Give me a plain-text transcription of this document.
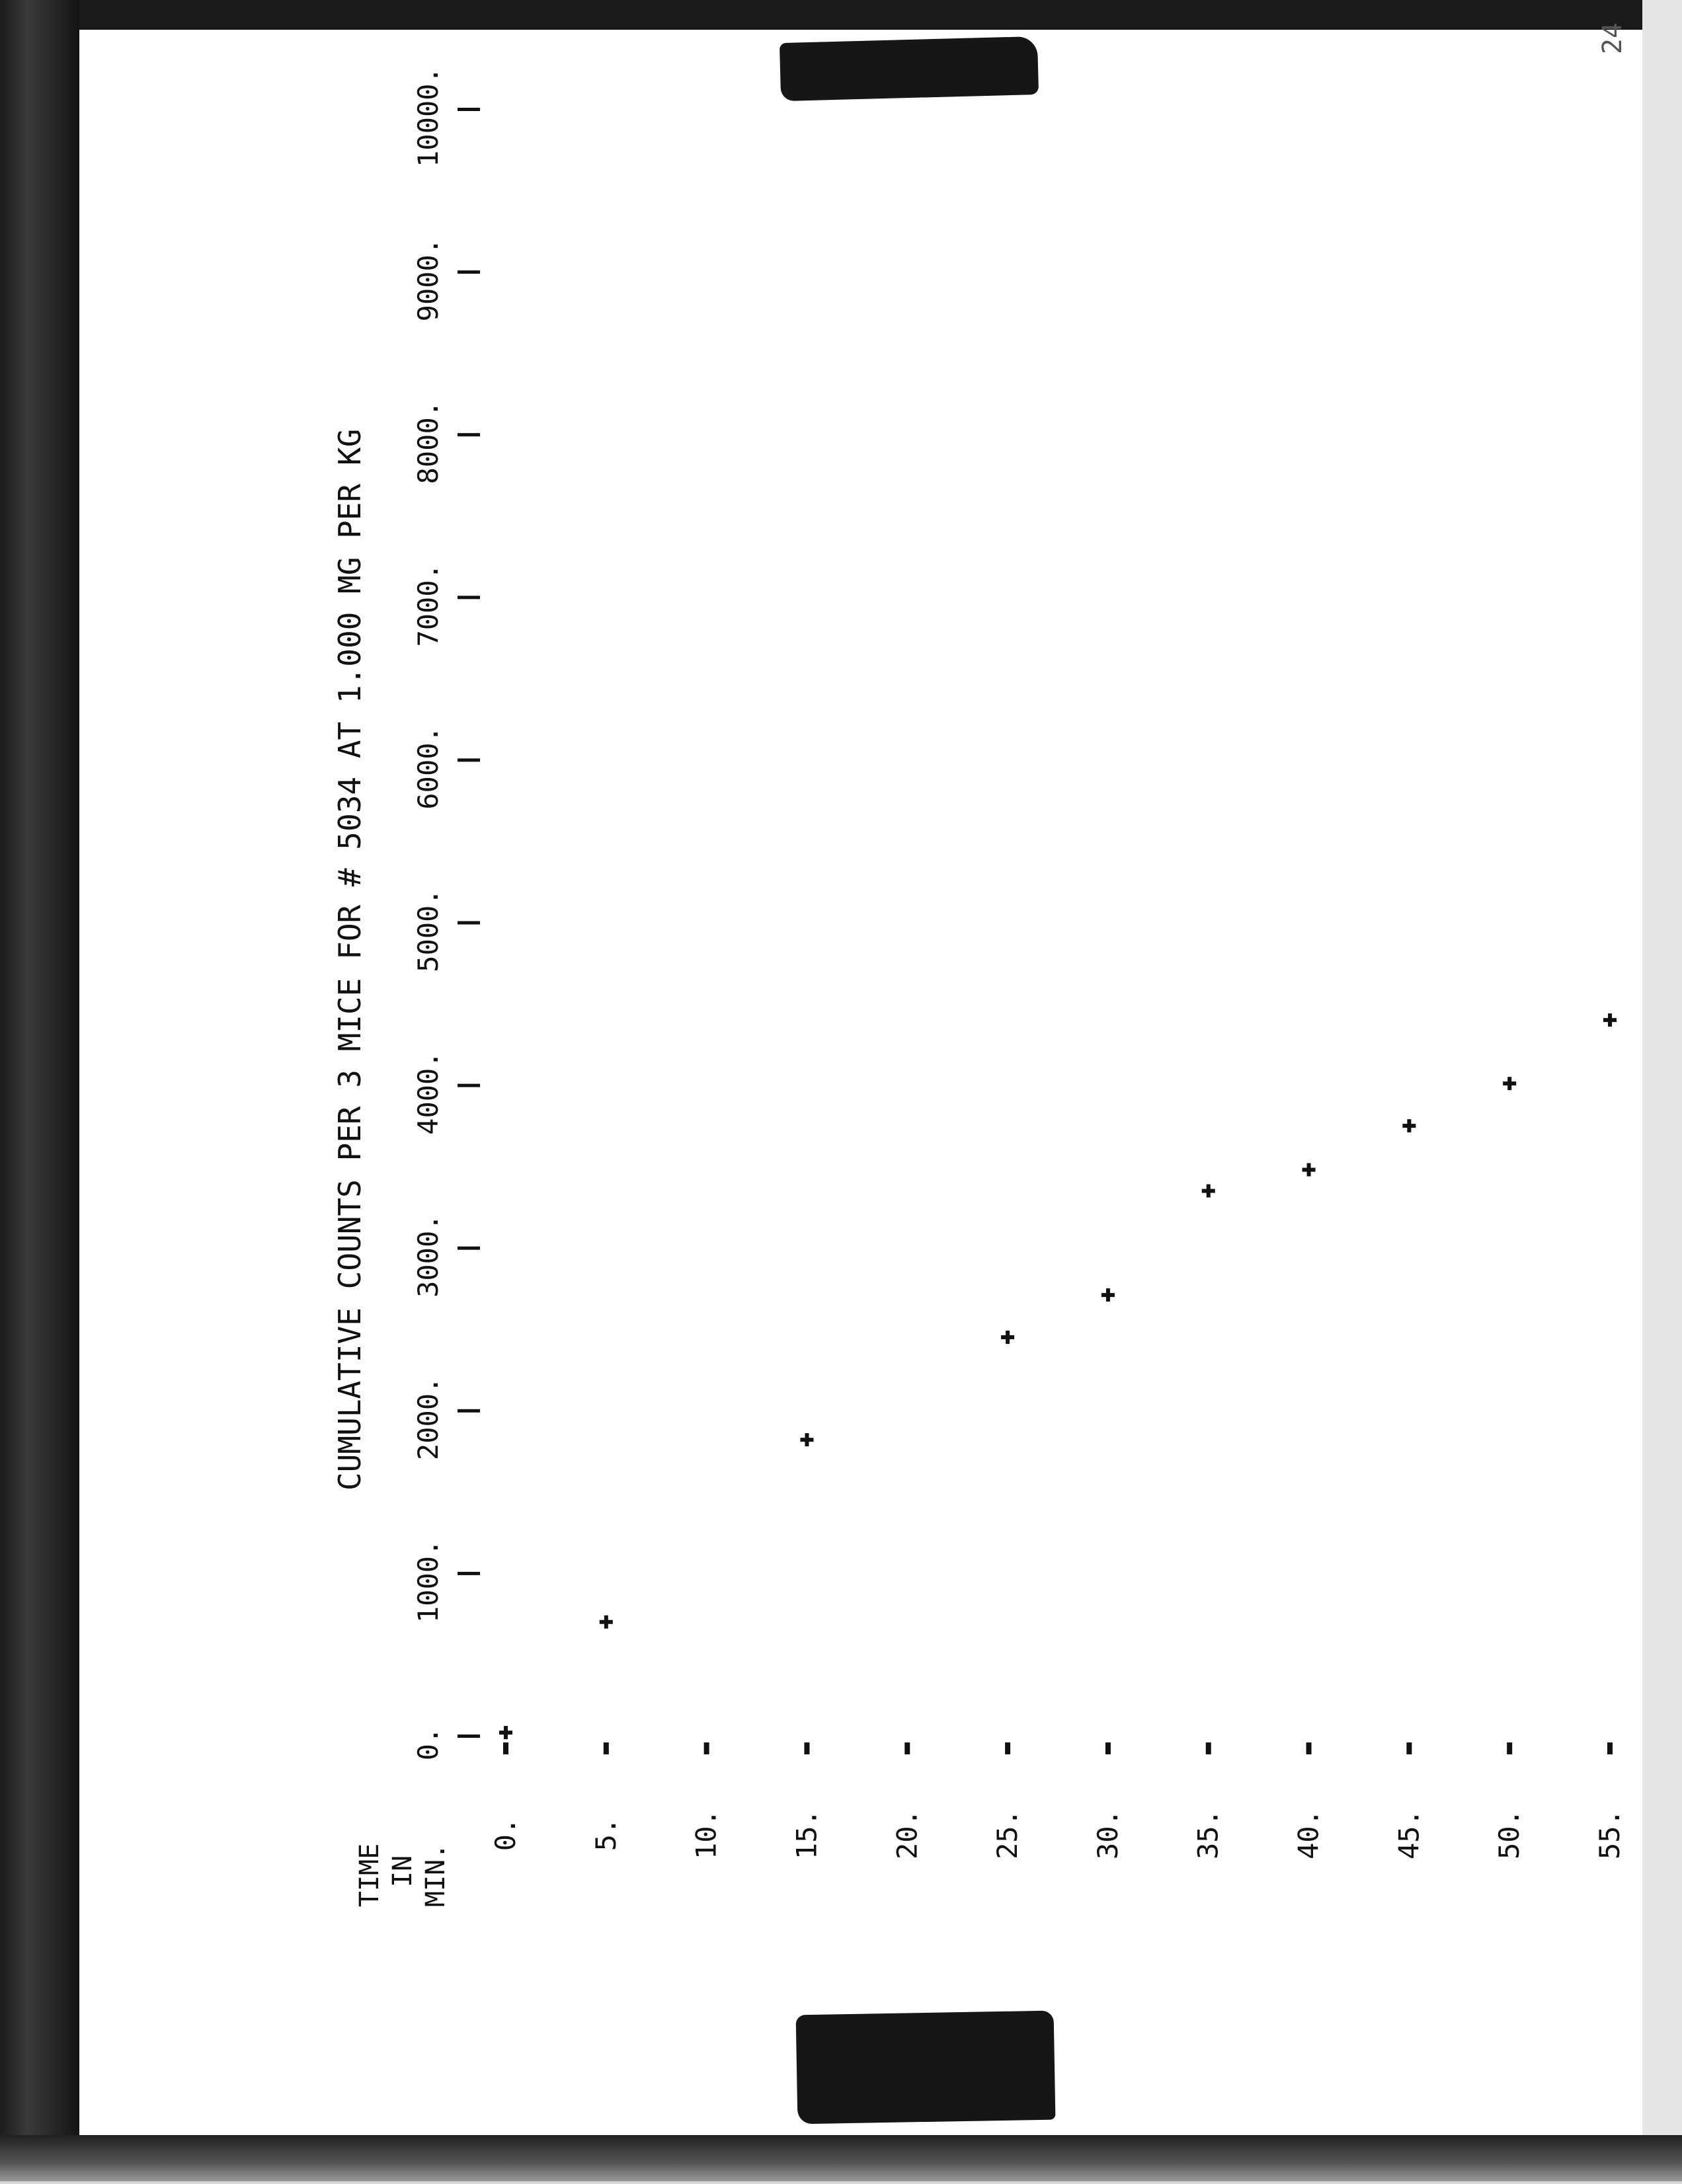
24
CUMULATIVE COUNTS PER 3 MICE FOR # 5034 AT 1.000 MG PER KG
TIME IN MIN.
0.
1000.
2000.
3000.
4000.
5000.
6000.
7000.
8000.
9000.
10000.
0. 5. 10. 15. 20. 25. 30. 35. 40. 45. 50. 55.
